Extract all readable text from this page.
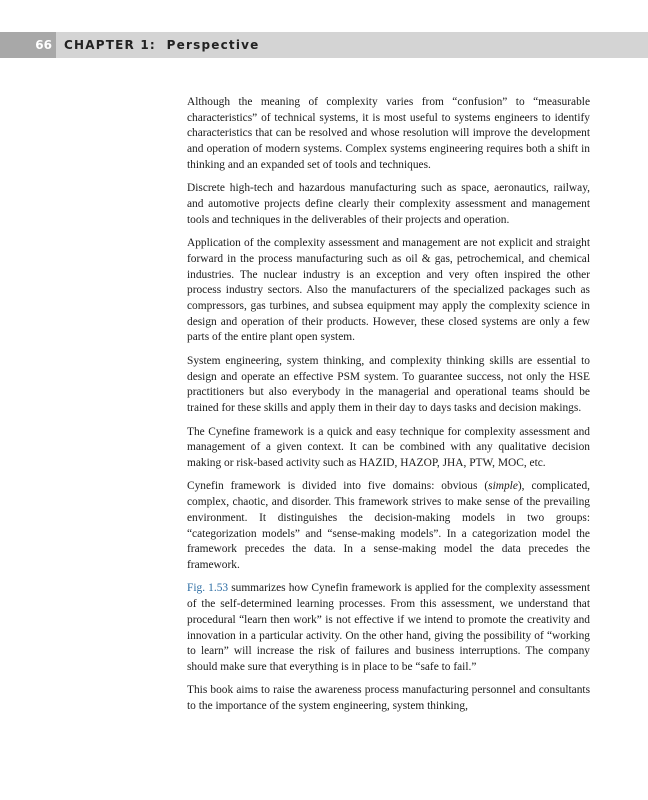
66	CHAPTER 1: Perspective

Although the meaning of complexity varies from “confusion” to “measurable characteristics” of technical systems, it is most useful to systems engineers to identify characteristics that can be resolved and whose resolution will improve the development and operation of modern systems. Complex systems engineering requires both a shift in thinking and an expanded set of tools and techniques.

Discrete high-tech and hazardous manufacturing such as space, aeronautics, railway, and automotive projects define clearly their complexity assessment and management tools and techniques in the deliverables of their projects and operation.

Application of the complexity assessment and management are not explicit and straight forward in the process manufacturing such as oil & gas, petrochemical, and chemical industries. The nuclear industry is an exception and very often inspired the other process industry sectors. Also the manufacturers of the specialized packages such as compressors, gas turbines, and subsea equipment may apply the complexity science in design and operation of their products. However, these closed systems are only a few parts of the entire plant open system.

System engineering, system thinking, and complexity thinking skills are essential to design and operate an effective PSM system. To guarantee success, not only the HSE practitioners but also everybody in the managerial and operational teams should be trained for these skills and apply them in their day to days tasks and decision makings.

The Cynefine framework is a quick and easy technique for complexity assessment and management of a given context. It can be combined with any qualitative decision making or risk-based activity such as HAZID, HAZOP, JHA, PTW, MOC, etc.

Cynefin framework is divided into five domains: obvious (simple), complicated, complex, chaotic, and disorder. This framework strives to make sense of the prevailing environment. It distinguishes the decision-making models in two groups: “categorization models” and “sense-making models”. In a categorization model the framework precedes the data. In a sense-making model the data precedes the framework.

Fig. 1.53 summarizes how Cynefin framework is applied for the complexity assessment of the self-determined learning processes. From this assessment, we understand that procedural “learn then work” is not effective if we intend to promote the creativity and innovation in a particular activity. On the other hand, giving the possibility of “working to learn” will increase the risk of failures and business interruptions. The company should make sure that everything is in place to be “safe to fail.”

This book aims to raise the awareness process manufacturing personnel and consultants to the importance of the system engineering, system thinking,
